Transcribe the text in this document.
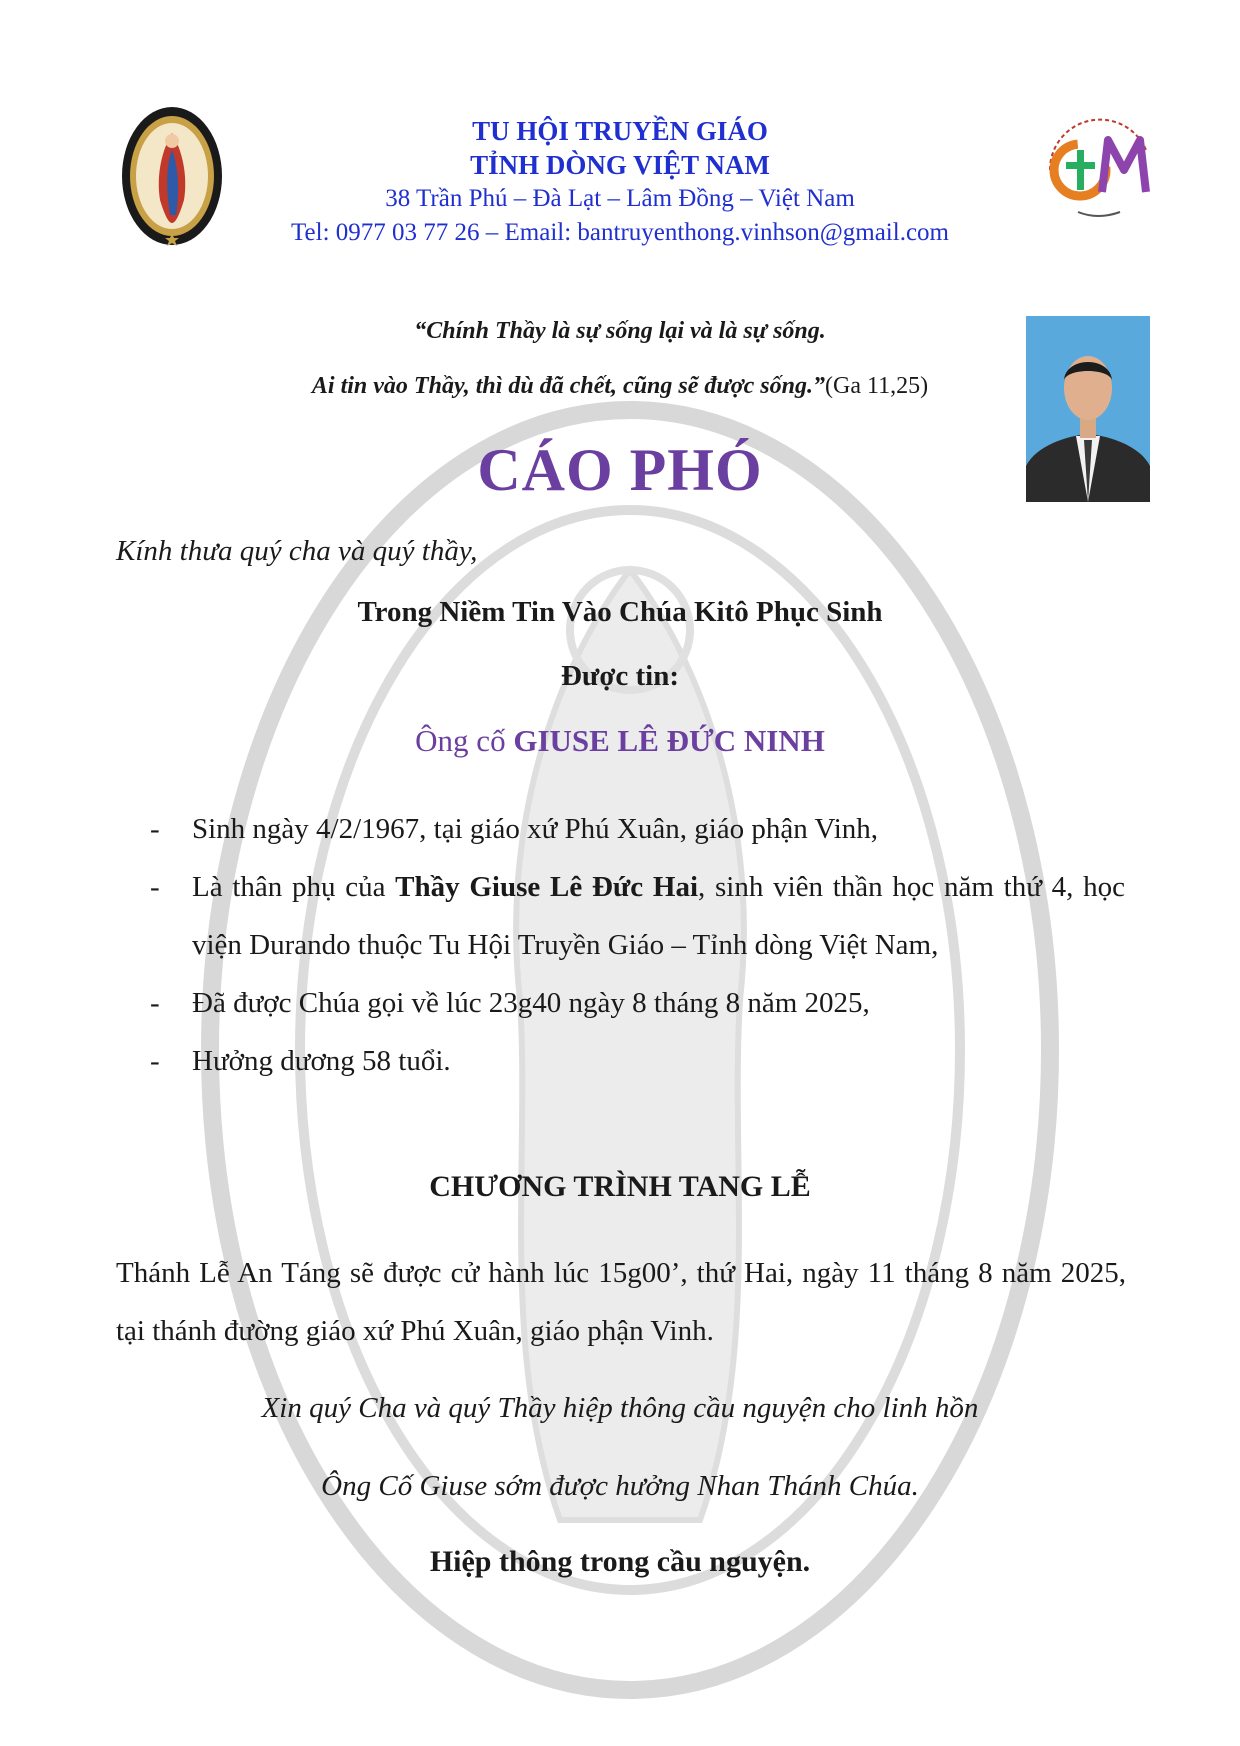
TU HỘI TRUYỀN GIÁO
TỈNH DÒNG VIỆT NAM
38 Trần Phú – Đà Lạt – Lâm Đồng – Việt Nam
Tel: 0977 03 77 26 – Email: bantruyenthong.vinhson@gmail.com
“Chính Thầy là sự sống lại và là sự sống.
Ai tin vào Thầy, thì dù đã chết, cũng sẽ được sống.”(Ga 11,25)
CÁO PHÓ
Kính thưa quý cha và quý thầy,
Trong Niềm Tin Vào Chúa Kitô Phục Sinh
Được tin:
Ông cố GIUSE LÊ ĐỨC NINH
- Sinh ngày 4/2/1967, tại giáo xứ Phú Xuân, giáo phận Vinh,
- Là thân phụ của Thầy Giuse Lê Đức Hai, sinh viên thần học năm thứ 4, học viện Durando thuộc Tu Hội Truyền Giáo – Tỉnh dòng Việt Nam,
- Đã được Chúa gọi về lúc 23g40 ngày 8 tháng 8 năm 2025,
- Hưởng dương 58 tuổi.
CHƯƠNG TRÌNH TANG LỄ
Thánh Lễ An Táng sẽ được cử hành lúc 15g00’, thứ Hai, ngày 11 tháng 8 năm 2025, tại thánh đường giáo xứ Phú Xuân, giáo phận Vinh.
Xin quý Cha và quý Thầy hiệp thông cầu nguyện cho linh hồn
Ông Cố Giuse sớm được hưởng Nhan Thánh Chúa.
Hiệp thông trong cầu nguyện.
